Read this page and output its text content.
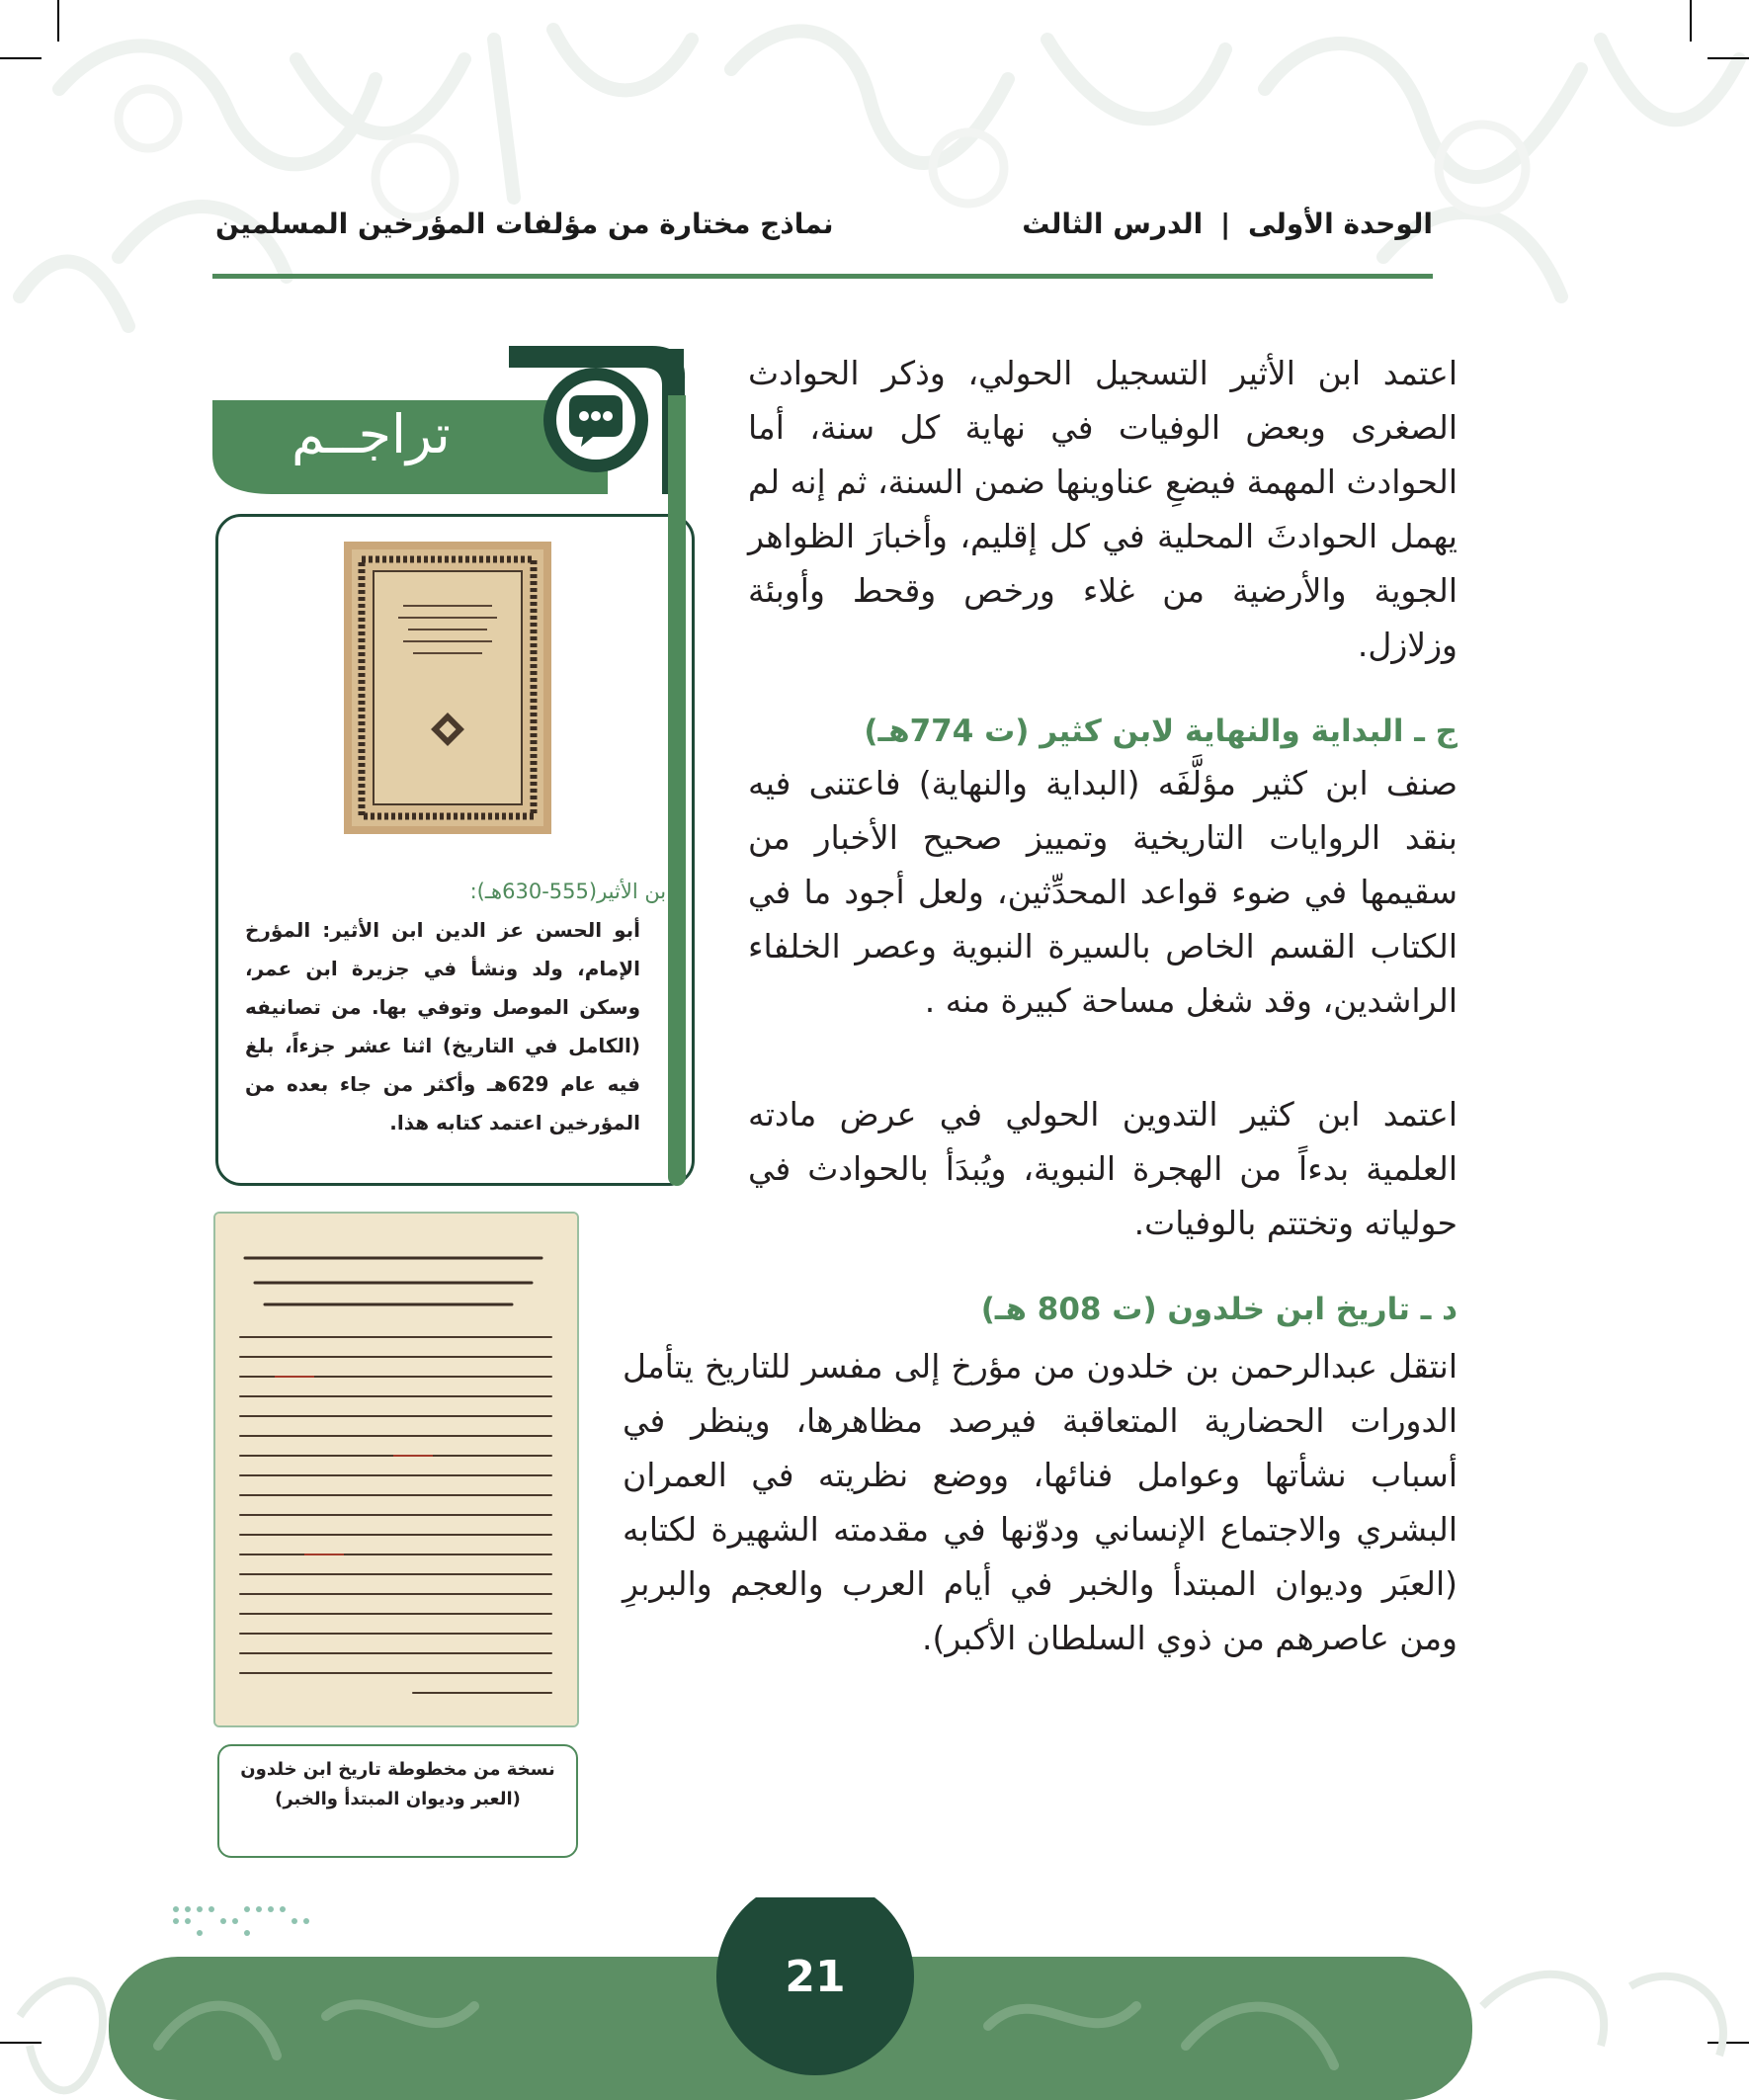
الوحدة الأولى | الدرس الثالث
نماذج مختارة من مؤلفات المؤرخين المسلمين
اعتمد ابن الأثير التسجيل الحولي، وذكر الحوادث الصغرى وبعض الوفيات في نهاية كل سنة، أما الحوادث المهمة فيضعِ عناوينها ضمن السنة، ثم إنه لم يهمل الحوادثَ المحلية في كل إقليم، وأخبارَ الظواهر الجوية والأرضية من غلاء ورخص وقحط وأوبئة وزلازل.
ج ـ البداية والنهاية لابن كثير (ت 774هـ)
صنف ابن كثير مؤلَّفَه (البداية والنهاية) فاعتنى فيه بنقد الروايات التاريخية وتمييز صحيح الأخبار من سقيمها في ضوء قواعد المحدِّثين، ولعل أجود ما في الكتاب القسم الخاص بالسيرة النبوية وعصر الخلفاء الراشدين، وقد شغل مساحة كبيرة منه .
اعتمد ابن كثير التدوين الحولي في عرض مادته العلمية بدءاً من الهجرة النبوية، ويُبدَأ بالحوادث في حولياته وتختتم بالوفيات.
د ـ تاريخ ابن خلدون (ت 808 هـ)
انتقل عبدالرحمن بن خلدون من مؤرخ إلى مفسر للتاريخ يتأمل الدورات الحضارية المتعاقبة فيرصد مظاهرها، وينظر في أسباب نشأتها وعوامل فنائها، ووضع نظريته في العمران البشري والاجتماع الإنساني ودوّنها في مقدمته الشهيرة لكتابه (العبَر وديوان المبتدأ والخبر في أيام العرب والعجم والبربرِ ومن عاصرهم من ذوي السلطان الأكبر).
تراجــم
ابن الأثير(555-630هـ):
أبو الحسن عز الدين ابن الأثير: المؤرخ الإمام، ولد ونشأ في جزيرة ابن عمر، وسكن الموصل وتوفي بها. من تصانيفه (الكامل في التاريخ) اثنا عشر جزءاً، بلغ فيه عام 629هـ وأكثر من جاء بعده من المؤرخين اعتمد كتابه هذا.
نسخة من مخطوطة تاريخ ابن خلدون (العبر وديوان المبتدأ والخبر)
21
